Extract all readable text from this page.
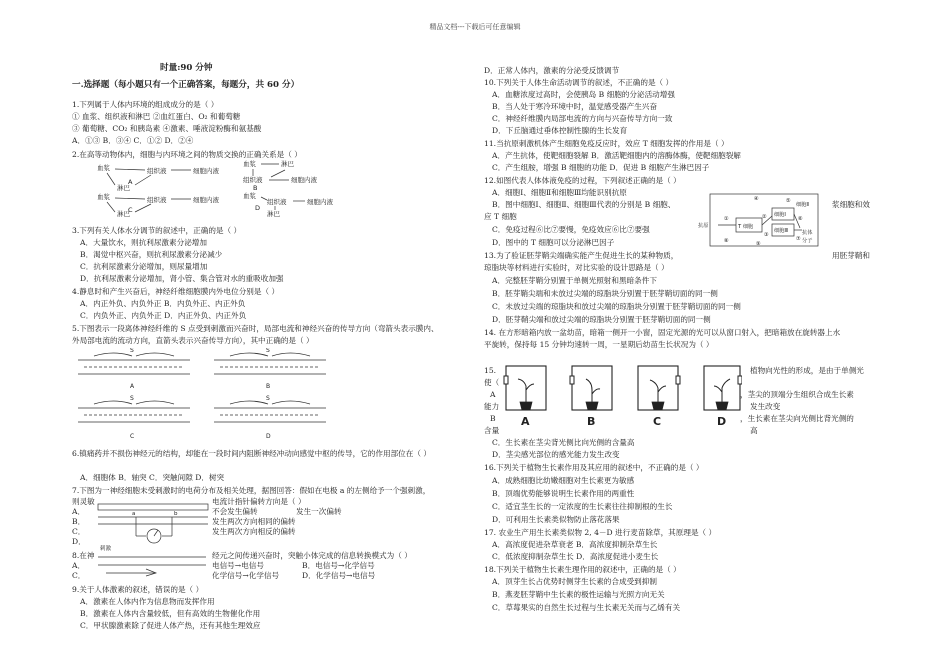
精品文档---下载后可任意编辑
时量:90 分钟
一.选择题（每小题只有一个正确答案，每题分，共 60 分）
1.下列属于人体内环境的组成成分的是（ ）
① 血浆、组织液和淋巴 ②血红蛋白、O₂ 和葡萄糖
③ 葡萄糖、CO₂ 和胰岛素 ④激素、唾液淀粉酶和氨基酸
A．①③ B．③④ C．①② D．②④
2.在高等动物体内，细胞与内环境之间的物质交换的正确关系是（ ）
血浆	组织液	细胞内液
淋巴
A
血浆	淋巴
组织液	细胞内液
B
血浆	组织液	细胞内液
淋巴
C
血浆
组织液	细胞内液
淋巴
D
3.下列有关人体水分调节的叙述中，正确的是（ ）
A．大量饮水，则抗利尿激素分泌增加
B．渴觉中枢兴奋，则抗利尿激素分泌减少
C．抗利尿激素分泌增加，则尿量增加
D．抗利尿激素分泌增加，肾小管、集合管对水的重吸收加强
4.静息时和产生兴奋后，神经纤维细胞膜内外电位分别是（ ）
A．内正外负、内负外正 B．内负外正、内正外负
C．内负外正、内负外正 D．内正外负、内正外负
5.下图表示一段离体神经纤维的 S 点受到刺激而兴奋时，局部电流和神经兴奋的传导方向（弯箭头表示膜内、
外局部电流的流动方向，直箭头表示兴奋传导方向），其中正确的是（ ）
S	S
S	S
A	B
C	D
6.镇痛药并不损伤神经元的结构，却能在一段时间内阻断神经冲动向感觉中枢的传导，它的作用部位在（ ）
A．细胞体 B．轴突 C．突触间隙 D．树突
7.下图为一神经细胞未受刺激时的电荷分布及相关处理，据图回答：假如在电极 a 的左侧给予一个强刺激，
则灵敏
A．
B．
C．
D．
电流计指针偏转方向是（ ）
不会发生偏转	发生一次偏转
发生两次方向相同的偏转
发生两次方向相反的偏转
a	b
刺激
8.在神
A．
C．
经元之间传递兴奋时，突触小体完成的信息转换模式为（ ）
电信号→电信号	B．电信号→化学信号
化学信号→化学信号	D．化学信号→电信号
9.关于人体激素的叙述，错误的是（ ）
A．激素在人体内作为信息物而发挥作用
B．激素在人体内含量较低，但有高效的生物催化作用
C．甲状腺激素除了促进人体产热，还有其他生理效应
D．正常人体内，激素的分泌受反馈调节
10.下列关于人体生命活动调节的叙述，不正确的是（ ）
A．血糖浓度过高时，会使胰岛 B 细胞的分泌活动增强
B．当人处于寒冷环境中时，温觉感受器产生兴奋
C．神经纤维膜内局部电流的方向与兴奋传导方向一致
D．下丘脑通过垂体控制性腺的生长发育
11.当抗原刺激机体产生细胞免疫反应时，效应 T 细胞发挥的作用是（ ）
A．产生抗体，使靶细胞裂解 B．激活靶细胞内的溶酶体酶，使靶细胞裂解
C．产生组胺，增强 B 细胞的功能 D．促进 B 细胞产生淋巴因子
12.如图代表人体体液免疫的过程，下列叙述正确的是（ ）
A．细胞Ⅰ、细胞Ⅱ和细胞Ⅲ均能识别抗原
B．图中细胞Ⅰ、细胞Ⅱ、细胞Ⅲ代表的分别是 B 细胞、
应 T 细胞
C．免疫过程⑥比⑦要慢，免疫效应⑥比⑦要强
D．图中的 T 细胞可以分泌淋巴因子
13.为了验证胚芽鞘尖端确实能产生促进生长的某种物质，
琼脂块等材料进行实验时，对比实验的设计思路是（ ）
浆细胞和效
用胚芽鞘和
抗原	T 细胞
细胞Ⅰ
细胞Ⅱ
细胞Ⅲ	抗体
分子
①	②
③
④	⑤
⑥
⑦
⑧	⑨
A．完整胚芽鞘分别置于单侧光照射和黑暗条件下
B．胚芽鞘尖端和未放过尖端的琼脂块分别置于胚芽鞘切面的同一侧
C．未放过尖端的琼脂块和放过尖端的琼脂块分别置于胚芽鞘切面的同一侧
D．胚芽鞘尖端和放过尖端的琼脂块分别置于胚芽鞘切面的同一侧
14. 在方形暗箱内放一盆幼苗，暗箱一侧开一小窗，固定光源的光可以从窗口射入，把暗箱放在旋转器上水
平旋转，保持每 15 分钟均速转一周，一星期后幼苗生长状况为（ ）
15.
使（
A
能力
B
含量
植物向光性的形成，是由于单侧光
，茎尖的顶端分生组织合成生长素
发生改变
，生长素在茎尖向光侧比背光侧的
高
A	B	C	D
C．生长素在茎尖背光侧比向光侧的含量高
D．茎尖感光部位的感光能力发生改变
16.下列关于植物生长素作用及其应用的叙述中，不正确的是（ ）
A．成熟细胞比幼嫩细胞对生长素更为敏感
B．顶端优势能够说明生长素作用的两重性
C．适宜茎生长的一定浓度的生长素往往抑制根的生长
D．可利用生长素类似物防止落花落果
17. 农业生产用生长素类似物 2, 4－D 进行麦苗除草，其原理是（ ）
A．高浓度促进杂草衰老 B．高浓度抑制杂草生长
C．低浓度抑制杂草生长 D．高浓度促进小麦生长
18.下列关于植物生长素生理作用的叙述中，正确的是（ ）
A．顶芽生长占优势时侧芽生长素的合成受到抑制
B．燕麦胚芽鞘中生长素的极性运输与光照方向无关
C．草莓果实的自然生长过程与生长素无关而与乙烯有关
